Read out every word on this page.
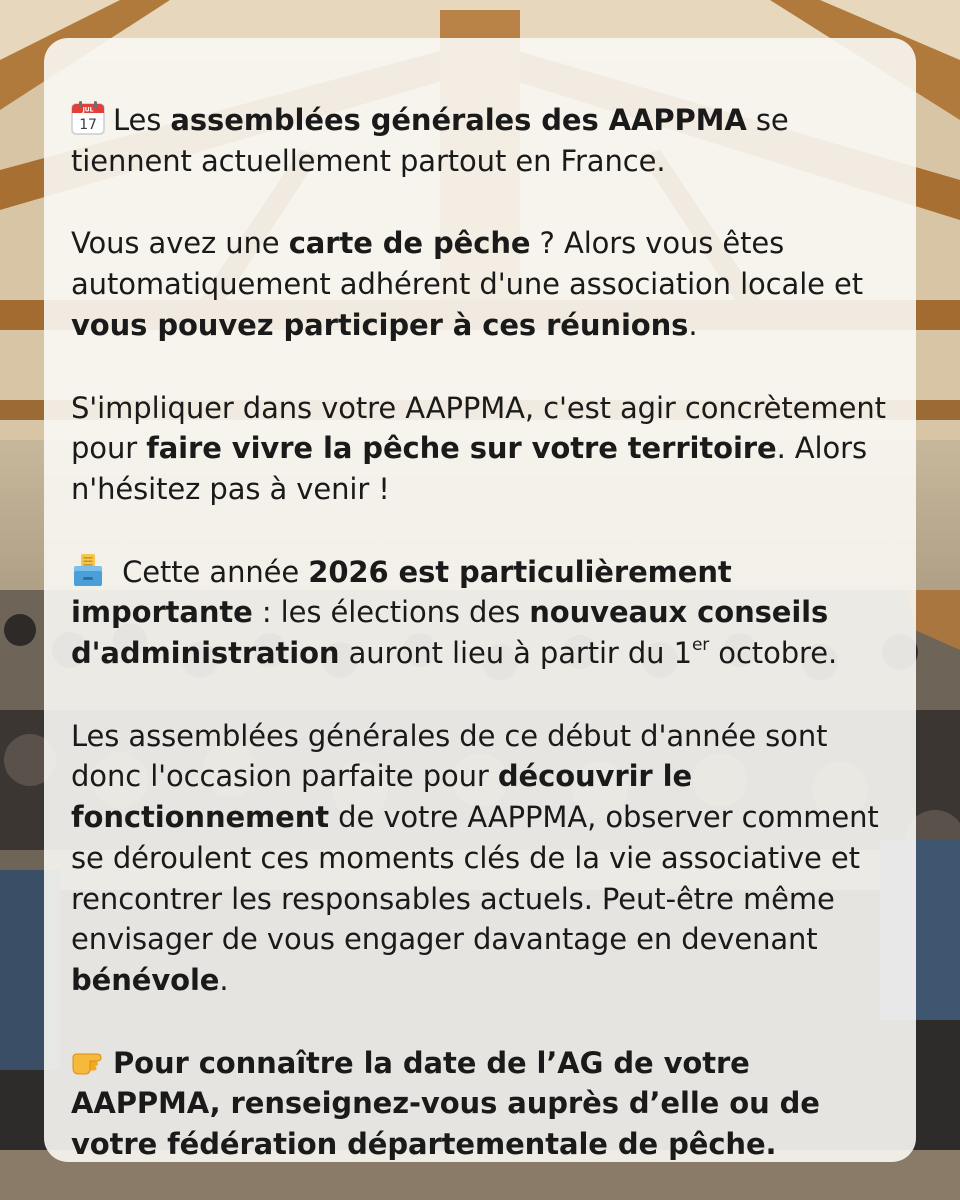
JUL
17 Les assemblées générales des AAPPMA se tiennent actuellement partout en France.

Vous avez une carte de pêche ? Alors vous êtes automatiquement adhérent d'une association locale et vous pouvez participer à ces réunions.

S'impliquer dans votre AAPPMA, c'est agir concrètement pour faire vivre la pêche sur votre territoire. Alors n'hésitez pas à venir !

Cette année 2026 est particulièrement importante : les élections des nouveaux conseils d'administration auront lieu à partir du 1er octobre.

Les assemblées générales de ce début d'année sont donc l'occasion parfaite pour découvrir le fonctionnement de votre AAPPMA, observer comment se déroulent ces moments clés de la vie associative et rencontrer les responsables actuels. Peut-être même envisager de vous engager davantage en devenant bénévole.

Pour connaître la date de l’AG de votre AAPPMA, renseignez-vous auprès d’elle ou de votre fédération départementale de pêche.
